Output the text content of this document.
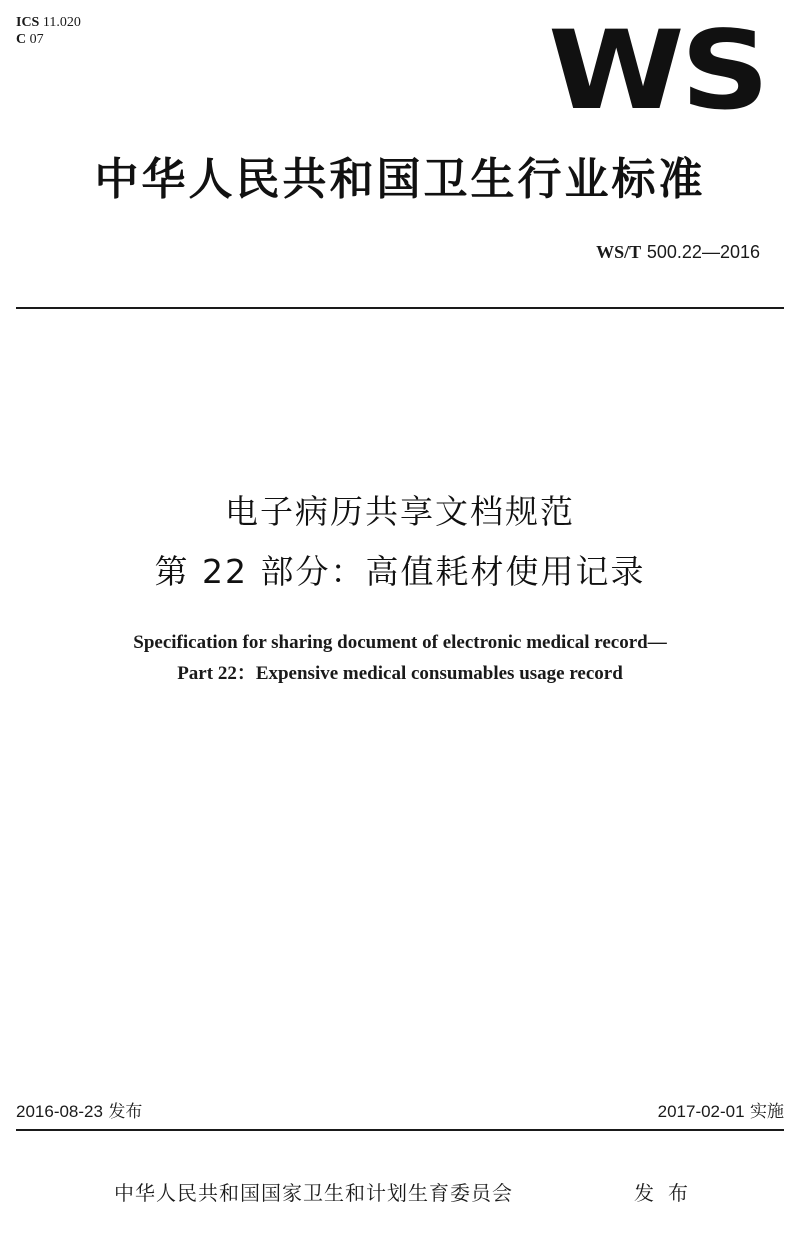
ICS 11.020
C 07	WS
中华人民共和国卫生行业标准
WS/T 500.22—2016
电子病历共享文档规范
第 22 部分：高值耗材使用记录
Specification for sharing document of electronic medical record—
Part 22：Expensive medical consumables usage record
2016-08-23 发布	2017-02-01 实施
中华人民共和国国家卫生和计划生育委员会	发布
